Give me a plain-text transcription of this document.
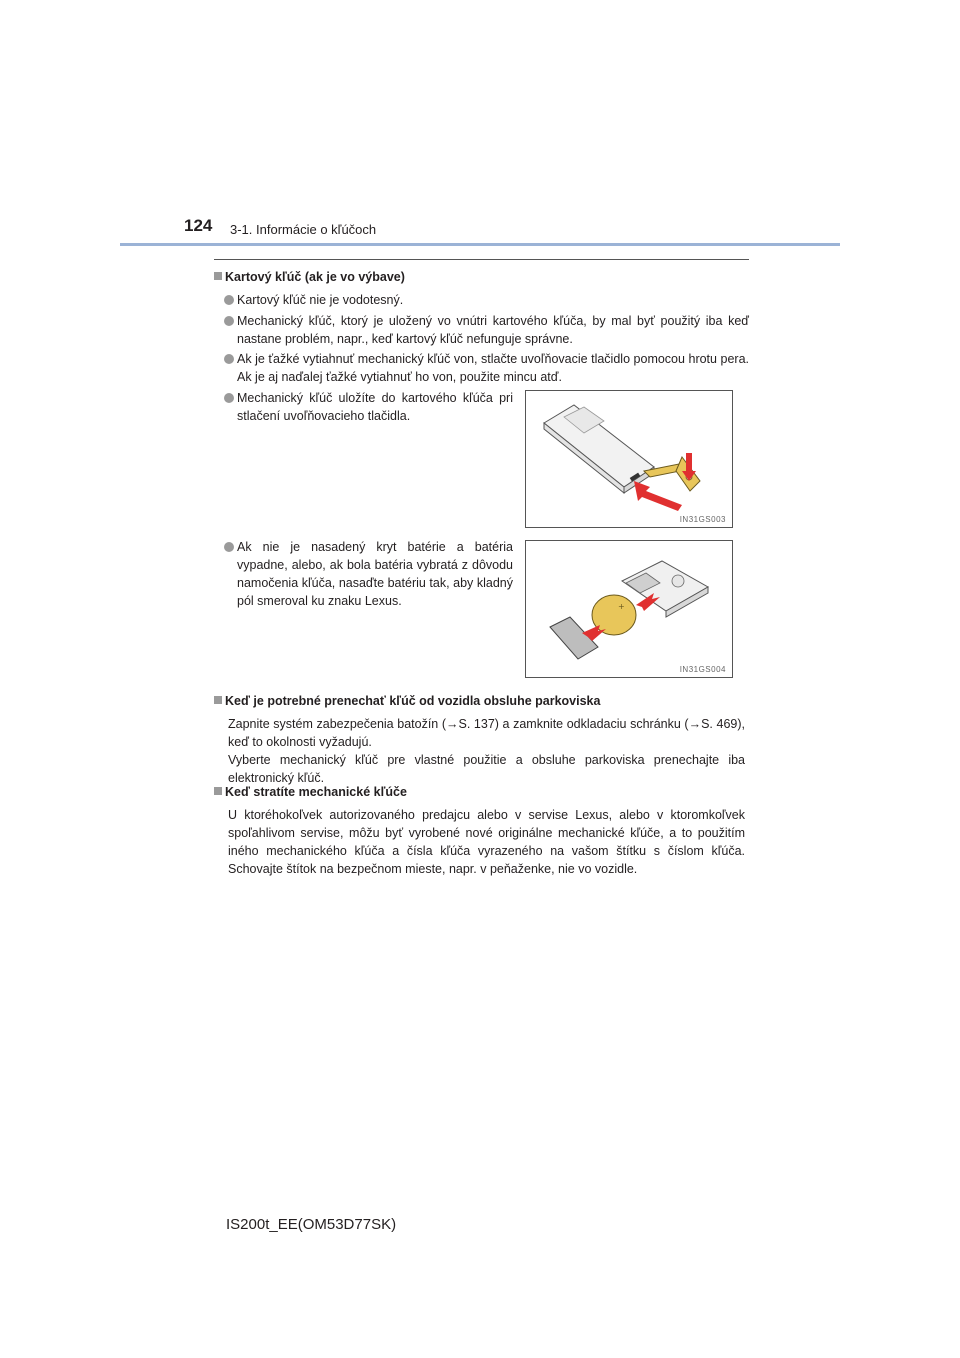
124 3-1. Informácie o kľúčoch
Kartový kľúč (ak je vo výbave)
Kartový kľúč nie je vodotesný.
Mechanický kľúč, ktorý je uložený vo vnútri kartového kľúča, by mal byť použitý iba keď nastane problém, napr., keď kartový kľúč nefunguje správne.
Ak je ťažké vytiahnuť mechanický kľúč von, stlačte uvoľňovacie tlačidlo pomocou hrotu pera. Ak je aj naďalej ťažké vytiahnuť ho von, použite mincu atď.
Mechanický kľúč uložíte do kartového kľúča pri stlačení uvoľňovacieho tlačidla.
Ak nie je nasadený kryt batérie a batéria vypadne, alebo, ak bola batéria vybratá z dôvodu namočenia kľúča, nasaďte batériu tak, aby kladný pól smeroval ku znaku Lexus.
IN31GS003
+
IN31GS004
Keď je potrebné prenechať kľúč od vozidla obsluhe parkoviska
Zapnite systém zabezpečenia batožín (→S. 137) a zamknite odkladaciu schránku (→S. 469), keď to okolnosti vyžadujú.
Vyberte mechanický kľúč pre vlastné použitie a obsluhe parkoviska prenechajte iba elektronický kľúč.
Keď stratíte mechanické kľúče
U ktoréhokoľvek autorizovaného predajcu alebo v servise Lexus, alebo v ktoromkoľvek spoľahlivom servise, môžu byť vyrobené nové originálne mechanické kľúče, a to použitím iného mechanického kľúča a čísla kľúča vyrazeného na vašom štítku s číslom kľúča. Schovajte štítok na bezpečnom mieste, napr. v peňaženke, nie vo vozidle.
IS200t_EE(OM53D77SK)
